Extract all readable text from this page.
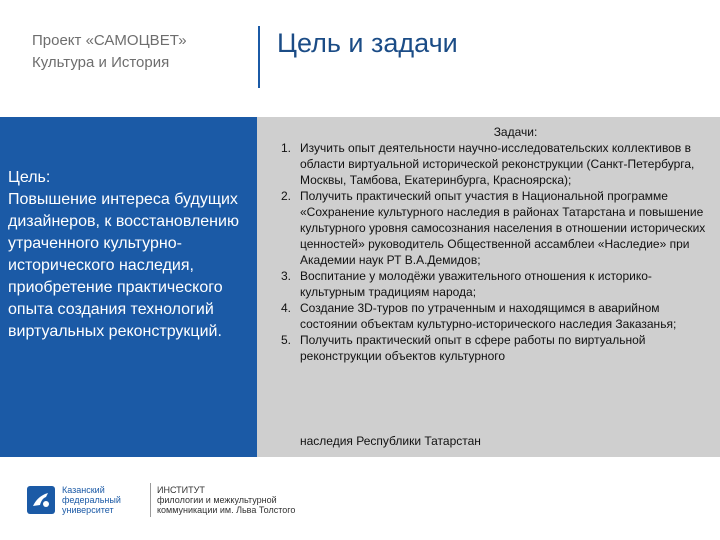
Проект «САМОЦВЕТ»
Культура и История
Цель и задачи
Цель:
Повышение интереса будущих дизайнеров, к восстановлению утраченного культурно-исторического наследия, приобретение практического опыта создания технологий виртуальных реконструкций.
Задачи:
1. Изучить опыт деятельности научно-исследовательских коллективов в области виртуальной исторической реконструкции (Санкт-Петербурга, Москвы, Тамбова, Екатеринбурга, Красноярска);
2. Получить практический опыт участия в Национальной программе «Сохранение культурного наследия в районах Татарстана и повышение культурного уровня самосознания населения в отношении исторических ценностей» руководитель Общественной ассамблеи «Наследие» при Академии наук РТ В.А.Демидов;
3. Воспитание у молодёжи уважительного отношения к историко-культурным традициям народа;
4. Создание 3D-туров по утраченным и находящимся в аварийном состоянии объектам культурно-исторического наследия Заказанья;
5. Получить практический опыт в сфере работы по виртуальной реконструкции объектов культурного
наследия Республики Татарстан
Казанский
федеральный
университет
ИНСТИТУТ
филологии и межкультурной
коммуникации им. Льва Толстого
